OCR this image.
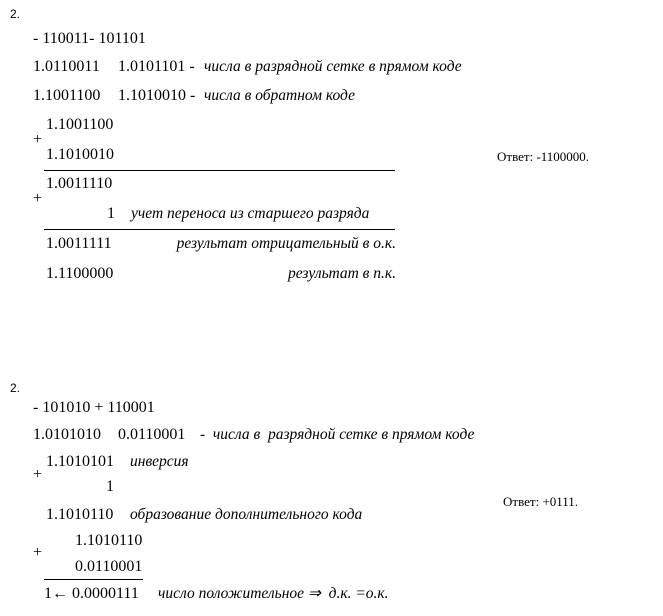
2.
- 110011- 101101
1.0110011 1.0101101 - числа в разрядной сетке в прямом коде
1.1001100 1.1010010 - числа в обратном коде
1.1001100
+
1.1010010
1.0011110
+
1 учет переноса из старшего разряда
1.0011111	результат отрицательный в о.к.
1.1100000	результат в п.к.
Ответ: -1100000.
2.
- 101010 + 110001
1.0101010 0.0110001 -  числа в  разрядной сетке в прямом коде
1.1010101 инверсия
+
1
1.1010110 образование дополнительного кода
Ответ: +0111.
1.1010110
+
0.0110001
1← 0.0000111 число положительное ⇒  д.к. =о.к.
